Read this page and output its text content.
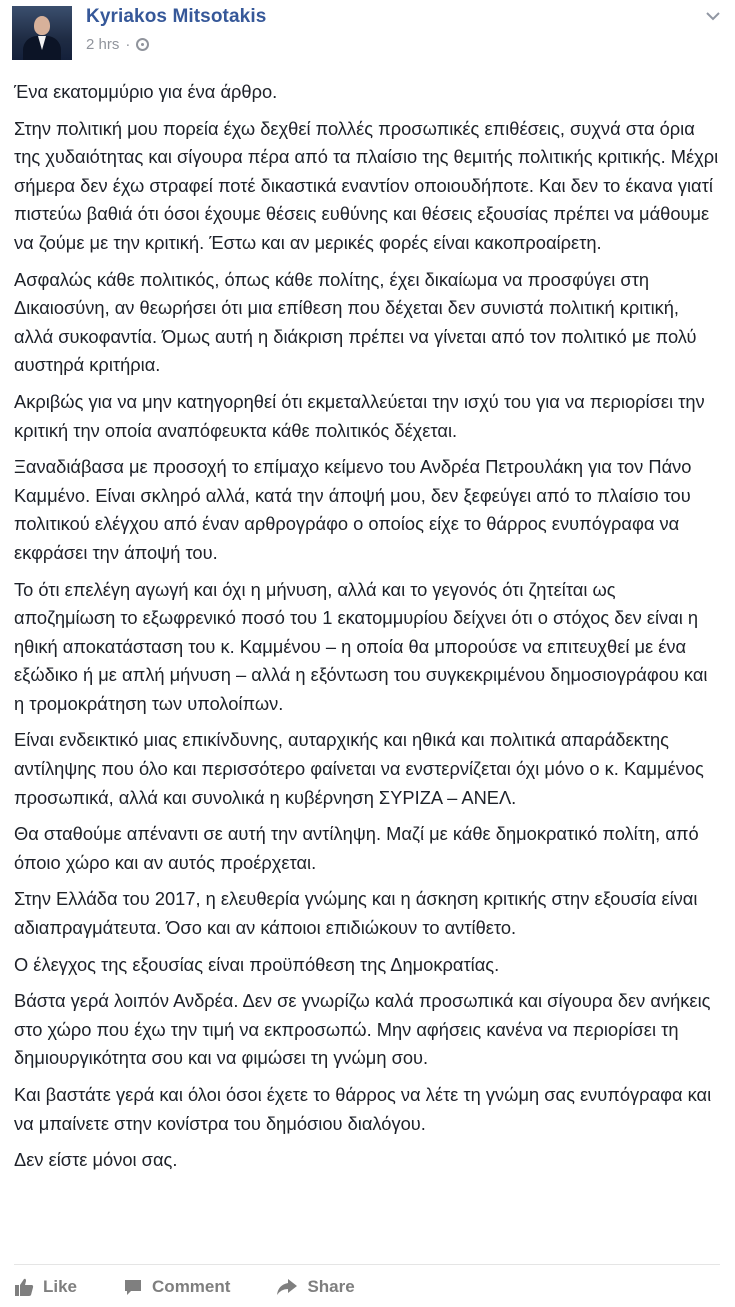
Kyriakos Mitsotakis
2 hrs ·

Ένα εκατομμύριο για ένα άρθρο.

Στην πολιτική μου πορεία έχω δεχθεί πολλές προσωπικές επιθέσεις, συχνά στα όρια της χυδαιότητας και σίγουρα πέρα από τα πλαίσιο της θεμιτής πολιτικής κριτικής. Μέχρι σήμερα δεν έχω στραφεί ποτέ δικαστικά εναντίον οποιουδήποτε. Και δεν το έκανα γιατί πιστεύω βαθιά ότι όσοι έχουμε θέσεις ευθύνης και θέσεις εξουσίας πρέπει να μάθουμε να ζούμε με την κριτική. Έστω και αν μερικές φορές είναι κακοπροαίρετη.

Ασφαλώς κάθε πολιτικός, όπως κάθε πολίτης, έχει δικαίωμα να προσφύγει στη Δικαιοσύνη, αν θεωρήσει ότι μια επίθεση που δέχεται δεν συνιστά πολιτική κριτική, αλλά συκοφαντία. Όμως αυτή η διάκριση πρέπει να γίνεται από τον πολιτικό με πολύ αυστηρά κριτήρια.

Ακριβώς για να μην κατηγορηθεί ότι εκμεταλλεύεται την ισχύ του για να περιορίσει την κριτική την οποία αναπόφευκτα κάθε πολιτικός δέχεται.

Ξαναδιάβασα με προσοχή το επίμαχο κείμενο του Ανδρέα Πετρουλάκη για τον Πάνο Καμμένο. Είναι σκληρό αλλά, κατά την άποψή μου, δεν ξεφεύγει από το πλαίσιο του πολιτικού ελέγχου από έναν αρθρογράφο ο οποίος είχε το θάρρος ενυπόγραφα να εκφράσει την άποψή του.

Το ότι επελέγη αγωγή και όχι η μήνυση, αλλά και το γεγονός ότι ζητείται ως αποζημίωση το εξωφρενικό ποσό του 1 εκατομμυρίου δείχνει ότι ο στόχος δεν είναι η ηθική αποκατάσταση του κ. Καμμένου – η οποία θα μπορούσε να επιτευχθεί με ένα εξώδικο ή με απλή μήνυση – αλλά η εξόντωση του συγκεκριμένου δημοσιογράφου και η τρομοκράτηση των υπολοίπων.

Είναι ενδεικτικό μιας επικίνδυνης, αυταρχικής και ηθικά και πολιτικά απαράδεκτης αντίληψης που όλο και περισσότερο φαίνεται να ενστερνίζεται όχι μόνο ο κ. Καμμένος προσωπικά, αλλά και συνολικά η κυβέρνηση ΣΥΡΙΖΑ – ΑΝΕΛ.

Θα σταθούμε απέναντι σε αυτή την αντίληψη. Μαζί με κάθε δημοκρατικό πολίτη, από όποιο χώρο και αν αυτός προέρχεται.

Στην Ελλάδα του 2017, η ελευθερία γνώμης και η άσκηση κριτικής στην εξουσία είναι αδιαπραγμάτευτα. Όσο και αν κάποιοι επιδιώκουν το αντίθετο.

Ο έλεγχος της εξουσίας είναι προϋπόθεση της Δημοκρατίας.

Βάστα γερά λοιπόν Ανδρέα. Δεν σε γνωρίζω καλά προσωπικά και σίγουρα δεν ανήκεις στο χώρο που έχω την τιμή να εκπροσωπώ. Μην αφήσεις κανένα να περιορίσει τη δημιουργικότητα σου και να φιμώσει τη γνώμη σου.

Και βαστάτε γερά και όλοι όσοι έχετε το θάρρος να λέτε τη γνώμη σας ενυπόγραφα και να μπαίνετε στην κονίστρα του δημόσιου διαλόγου.

Δεν είστε μόνοι σας.

Like	Comment	Share
